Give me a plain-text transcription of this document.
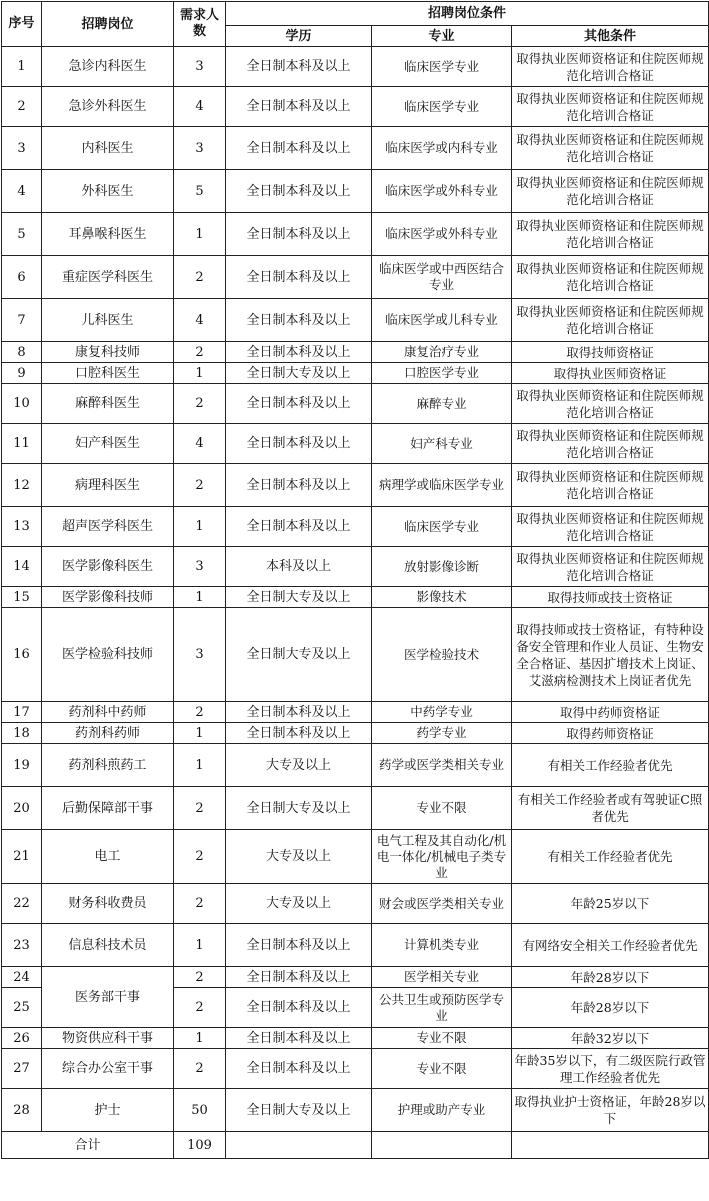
序号	招聘岗位	需求人数	招聘岗位条件		
			学历	专业	其他条件
1	急诊内科医生	3	全日制本科及以上	临床医学专业	取得执业医师资格证和住院医师规范化培训合格证
2	急诊外科医生	4	全日制本科及以上	临床医学专业	取得执业医师资格证和住院医师规范化培训合格证
3	内科医生	3	全日制本科及以上	临床医学或内科专业	取得执业医师资格证和住院医师规范化培训合格证
4	外科医生	5	全日制本科及以上	临床医学或外科专业	取得执业医师资格证和住院医师规范化培训合格证
5	耳鼻喉科医生	1	全日制本科及以上	临床医学或外科专业	取得执业医师资格证和住院医师规范化培训合格证
6	重症医学科医生	2	全日制本科及以上	临床医学或中西医结合专业	取得执业医师资格证和住院医师规范化培训合格证
7	儿科医生	4	全日制本科及以上	临床医学或儿科专业	取得执业医师资格证和住院医师规范化培训合格证
8	康复科技师	2	全日制本科及以上	康复治疗专业	取得技师资格证
9	口腔科医生	1	全日制大专及以上	口腔医学专业	取得执业医师资格证
10	麻醉科医生	2	全日制本科及以上	麻醉专业	取得执业医师资格证和住院医师规范化培训合格证
11	妇产科医生	4	全日制本科及以上	妇产科专业	取得执业医师资格证和住院医师规范化培训合格证
12	病理科医生	2	全日制本科及以上	病理学或临床医学专业	取得执业医师资格证和住院医师规范化培训合格证
13	超声医学科医生	1	全日制本科及以上	临床医学专业	取得执业医师资格证和住院医师规范化培训合格证
14	医学影像科医生	3	本科及以上	放射影像诊断	取得执业医师资格证和住院医师规范化培训合格证
15	医学影像科技师	1	全日制大专及以上	影像技术	取得技师或技士资格证
16	医学检验科技师	3	全日制大专及以上	医学检验技术	取得技师或技士资格证，有特种设备安全管理和作业人员证、生物安全合格证、基因扩增技术上岗证、艾滋病检测技术上岗证者优先
17	药剂科中药师	2	全日制本科及以上	中药学专业	取得中药师资格证
18	药剂科药师	1	全日制本科及以上	药学专业	取得药师资格证
19	药剂科煎药工	1	大专及以上	药学或医学类相关专业	有相关工作经验者优先
20	后勤保障部干事	2	全日制大专及以上	专业不限	有相关工作经验者或有驾驶证C照者优先
21	电工	2	大专及以上	电气工程及其自动化/机电一体化/机械电子类专业	有相关工作经验者优先
22	财务科收费员	2	大专及以上	财会或医学类相关专业	年龄25岁以下
23	信息科技术员	1	全日制本科及以上	计算机类专业	有网络安全相关工作经验者优先
24	医务部干事	2	全日制本科及以上	医学相关专业	年龄28岁以下
25		2	全日制本科及以上	公共卫生或预防医学专业	年龄28岁以下
26	物资供应科干事	1	全日制本科及以上	专业不限	年龄32岁以下
27	综合办公室干事	2	全日制本科及以上	专业不限	年龄35岁以下，有二级医院行政管理工作经验者优先
28	护士	50	全日制大专及以上	护理或助产专业	取得执业护士资格证，年龄28岁以下
合计		109			
